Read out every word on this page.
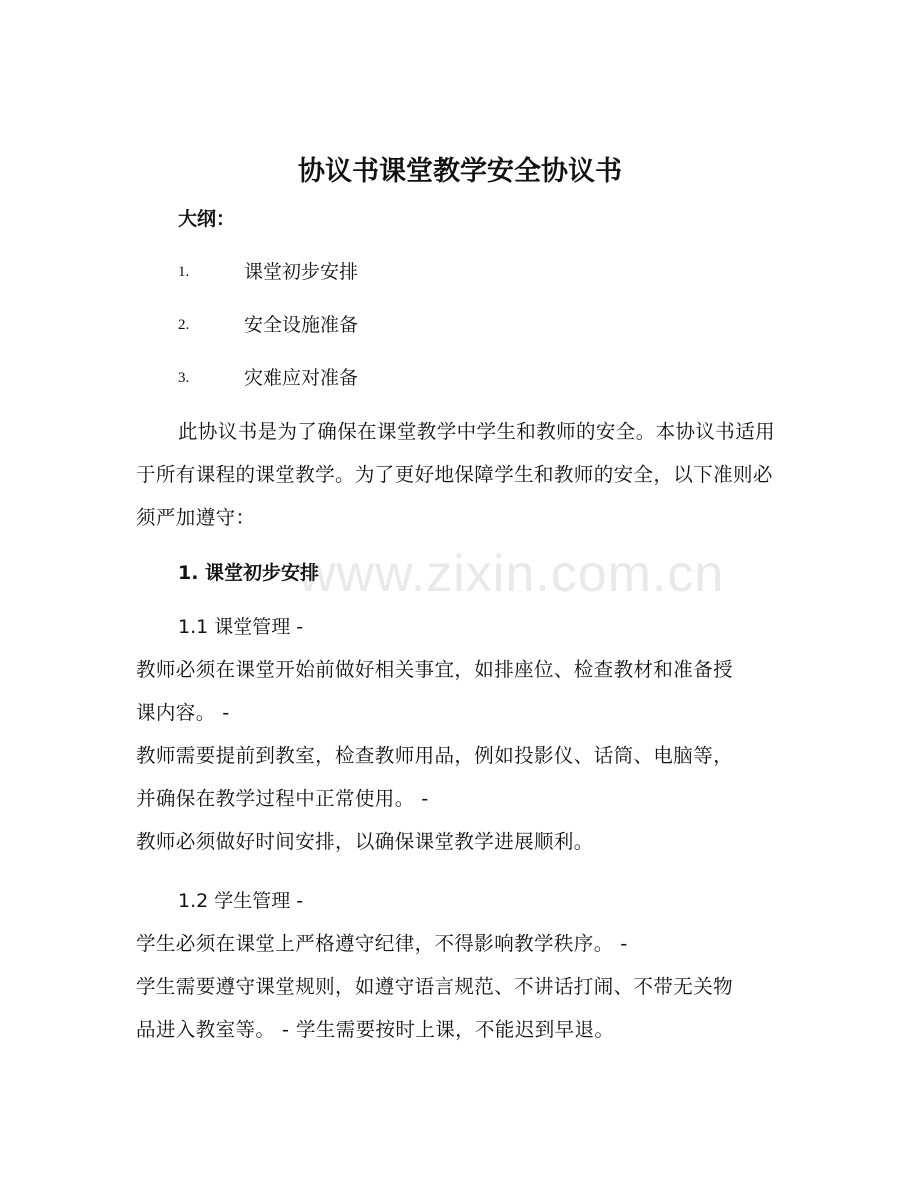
www.zixin.com.cn
协议书课堂教学安全协议书
大纲：
1.	课堂初步安排
2.	安全设施准备
3.	灾难应对准备
此协议书是为了确保在课堂教学中学生和教师的安全。本协议书适用于所有课程的课堂教学。为了更好地保障学生和教师的安全，以下准则必须严加遵守：
1. 课堂初步安排
1.1 课堂管理 -
教师必须在课堂开始前做好相关事宜，如排座位、检查教材和准备授
课内容。 -
教师需要提前到教室，检查教师用品，例如投影仪、话筒、电脑等，
并确保在教学过程中正常使用。 -
教师必须做好时间安排，以确保课堂教学进展顺利。
1.2 学生管理 -
学生必须在课堂上严格遵守纪律，不得影响教学秩序。 -
学生需要遵守课堂规则，如遵守语言规范、不讲话打闹、不带无关物
品进入教室等。 - 学生需要按时上课，不能迟到早退。
